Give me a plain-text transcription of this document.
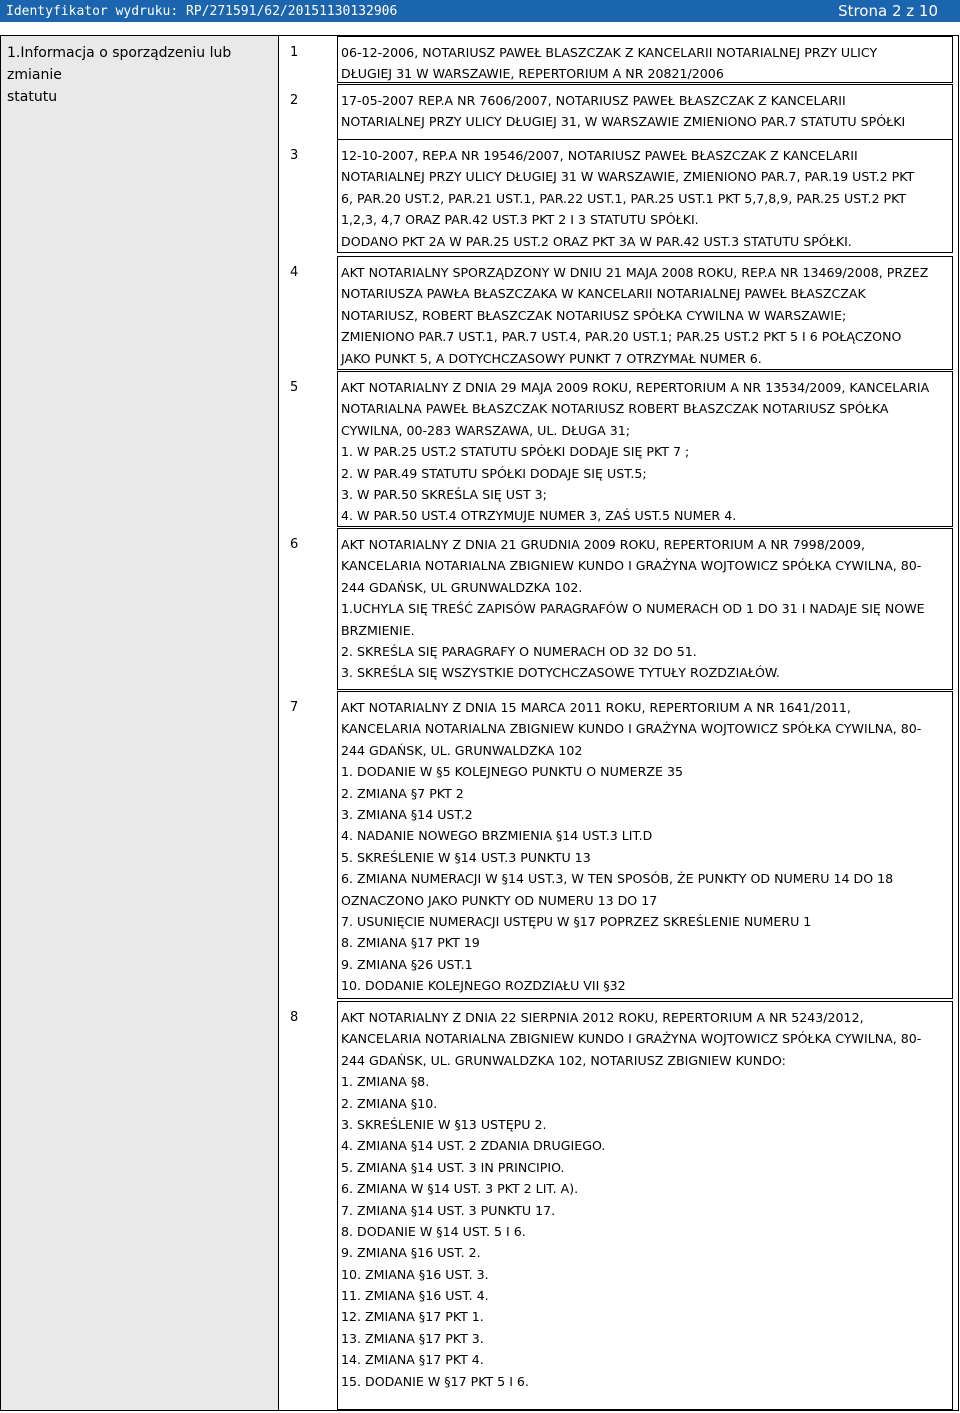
Identyfikator wydruku: RP/271591/62/20151130132906	Strona 2 z 10
1.Informacja o sporządzeniu lub zmianie
statutu
1	06-12-2006, NOTARIUSZ PAWEŁ BLASZCZAK Z KANCELARII NOTARIALNEJ PRZY ULICY
DŁUGIEJ 31 W WARSZAWIE, REPERTORIUM A NR 20821/2006
2	17-05-2007 REP.A NR 7606/2007, NOTARIUSZ PAWEŁ BŁASZCZAK Z KANCELARII
NOTARIALNEJ PRZY ULICY DŁUGIEJ 31, W WARSZAWIE ZMIENIONO PAR.7 STATUTU SPÓŁKI
3	12-10-2007, REP.A NR 19546/2007, NOTARIUSZ PAWEŁ BŁASZCZAK Z KANCELARII
NOTARIALNEJ PRZY ULICY DŁUGIEJ 31 W WARSZAWIE, ZMIENIONO PAR.7, PAR.19 UST.2 PKT
6, PAR.20 UST.2, PAR.21 UST.1, PAR.22 UST.1, PAR.25 UST.1 PKT 5,7,8,9, PAR.25 UST.2 PKT
1,2,3, 4,7 ORAZ PAR.42 UST.3 PKT 2 I 3 STATUTU SPÓŁKI.
DODANO PKT 2A W PAR.25 UST.2 ORAZ PKT 3A W PAR.42 UST.3 STATUTU SPÓŁKI.
4	AKT NOTARIALNY SPORZĄDZONY W DNIU 21 MAJA 2008 ROKU, REP.A NR 13469/2008, PRZEZ
NOTARIUSZA PAWŁA BŁASZCZAKA W KANCELARII NOTARIALNEJ PAWEŁ BŁASZCZAK
NOTARIUSZ, ROBERT BŁASZCZAK NOTARIUSZ SPÓŁKA CYWILNA W WARSZAWIE;
ZMIENIONO PAR.7 UST.1, PAR.7 UST.4, PAR.20 UST.1; PAR.25 UST.2 PKT 5 I 6 POŁĄCZONO
JAKO PUNKT 5, A DOTYCHCZASOWY PUNKT 7 OTRZYMAŁ NUMER 6.
5	AKT NOTARIALNY Z DNIA 29 MAJA 2009 ROKU, REPERTORIUM A NR 13534/2009, KANCELARIA
NOTARIALNA PAWEŁ BŁASZCZAK NOTARIUSZ ROBERT BŁASZCZAK NOTARIUSZ SPÓŁKA
CYWILNA, 00-283 WARSZAWA, UL. DŁUGA 31;
1. W PAR.25 UST.2 STATUTU SPÓŁKI DODAJE SIĘ PKT 7 ;
2. W PAR.49 STATUTU SPÓŁKI DODAJE SIĘ UST.5;
3. W PAR.50 SKREŚLA SIĘ UST 3;
4. W PAR.50 UST.4 OTRZYMUJE NUMER 3, ZAŚ UST.5 NUMER 4.
6	AKT NOTARIALNY Z DNIA 21 GRUDNIA 2009 ROKU, REPERTORIUM A NR 7998/2009,
KANCELARIA NOTARIALNA ZBIGNIEW KUNDO I GRAŻYNA WOJTOWICZ SPÓŁKA CYWILNA, 80-
244 GDAŃSK, UL GRUNWALDZKA 102.
1.UCHYLA SIĘ TREŚĆ ZAPISÓW PARAGRAFÓW O NUMERACH OD 1 DO 31 I NADAJE SIĘ NOWE
BRZMIENIE.
2. SKREŚLA SIĘ PARAGRAFY O NUMERACH OD 32 DO 51.
3. SKREŚLA SIĘ WSZYSTKIE DOTYCHCZASOWE TYTUŁY ROZDZIAŁÓW.
7	AKT NOTARIALNY Z DNIA 15 MARCA 2011 ROKU, REPERTORIUM A NR 1641/2011,
KANCELARIA NOTARIALNA ZBIGNIEW KUNDO I GRAŻYNA WOJTOWICZ SPÓŁKA CYWILNA, 80-
244 GDAŃSK, UL. GRUNWALDZKA 102
1. DODANIE W §5 KOLEJNEGO PUNKTU O NUMERZE 35
2. ZMIANA §7 PKT 2
3. ZMIANA §14 UST.2
4. NADANIE NOWEGO BRZMIENIA §14 UST.3 LIT.D
5. SKREŚLENIE W §14 UST.3 PUNKTU 13
6. ZMIANA NUMERACJI W §14 UST.3, W TEN SPOSÓB, ŻE PUNKTY OD NUMERU 14 DO 18
OZNACZONO JAKO PUNKTY OD NUMERU 13 DO 17
7. USUNIĘCIE NUMERACJI USTĘPU W §17 POPRZEZ SKREŚLENIE NUMERU 1
8. ZMIANA §17 PKT 19
9. ZMIANA §26 UST.1
10. DODANIE KOLEJNEGO ROZDZIAŁU VII §32
8	AKT NOTARIALNY Z DNIA 22 SIERPNIA 2012 ROKU, REPERTORIUM A NR 5243/2012,
KANCELARIA NOTARIALNA ZBIGNIEW KUNDO I GRAŻYNA WOJTOWICZ SPÓŁKA CYWILNA, 80-
244 GDAŃSK, UL. GRUNWALDZKA 102, NOTARIUSZ ZBIGNIEW KUNDO:
1. ZMIANA §8.
2. ZMIANA §10.
3. SKREŚLENIE W §13 USTĘPU 2.
4. ZMIANA §14 UST. 2 ZDANIA DRUGIEGO.
5. ZMIANA §14 UST. 3 IN PRINCIPIO.
6. ZMIANA W §14 UST. 3 PKT 2 LIT. A).
7. ZMIANA §14 UST. 3 PUNKTU 17.
8. DODANIE W §14 UST. 5 I 6.
9. ZMIANA §16 UST. 2.
10. ZMIANA §16 UST. 3.
11. ZMIANA §16 UST. 4.
12. ZMIANA §17 PKT 1.
13. ZMIANA §17 PKT 3.
14. ZMIANA §17 PKT 4.
15. DODANIE W §17 PKT 5 I 6.
